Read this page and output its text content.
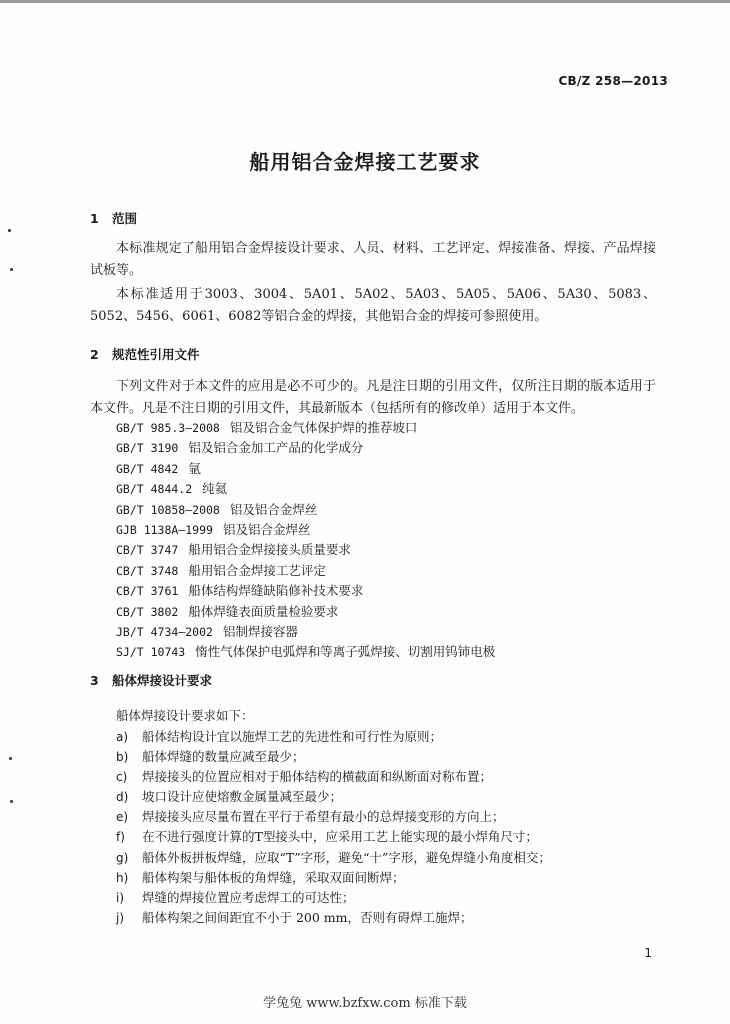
CB/Z 258—2013
船用铝合金焊接工艺要求
1 范围
本标准规定了船用铝合金焊接设计要求、人员、材料、工艺评定、焊接准备、焊接、产品焊接试板等。
本标准适用于3003、3004、5A01、5A02、5A03、5A05、5A06、5A30、5083、5052、5456、6061、6082等铝合金的焊接，其他铝合金的焊接可参照使用。
2 规范性引用文件
下列文件对于本文件的应用是必不可少的。凡是注日期的引用文件，仅所注日期的版本适用于本文件。凡是不注日期的引用文件，其最新版本（包括所有的修改单）适用于本文件。
GB/T 985.3—2008 铝及铝合金气体保护焊的推荐坡口
GB/T 3190 铝及铝合金加工产品的化学成分
GB/T 4842 氩
GB/T 4844.2 纯氦
GB/T 10858—2008 铝及铝合金焊丝
GJB 1138A—1999 铝及铝合金焊丝
CB/T 3747 船用铝合金焊接接头质量要求
CB/T 3748 船用铝合金焊接工艺评定
CB/T 3761 船体结构焊缝缺陷修补技术要求
CB/T 3802 船体焊缝表面质量检验要求
JB/T 4734—2002 铝制焊接容器
SJ/T 10743 惰性气体保护电弧焊和等离子弧焊接、切割用钨铈电极
3 船体焊接设计要求
船体焊接设计要求如下：
a) 船体结构设计宜以施焊工艺的先进性和可行性为原则；
b) 船体焊缝的数量应减至最少；
c) 焊接接头的位置应相对于船体结构的横截面和纵断面对称布置；
d) 坡口设计应使熔敷金属量减至最少；
e) 焊接接头应尽量布置在平行于希望有最小的总焊接变形的方向上；
f) 在不进行强度计算的T型接头中，应采用工艺上能实现的最小焊角尺寸；
g) 船体外板拼板焊缝，应取“T”字形，避免“十”字形，避免焊缝小角度相交；
h) 船体构架与船体板的角焊缝，采取双面间断焊；
i) 焊缝的焊接位置应考虑焊工的可达性；
j) 船体构架之间间距宜不小于 200 mm，否则有碍焊工施焊；
1
学兔兔 www.bzfxw.com 标准下载
